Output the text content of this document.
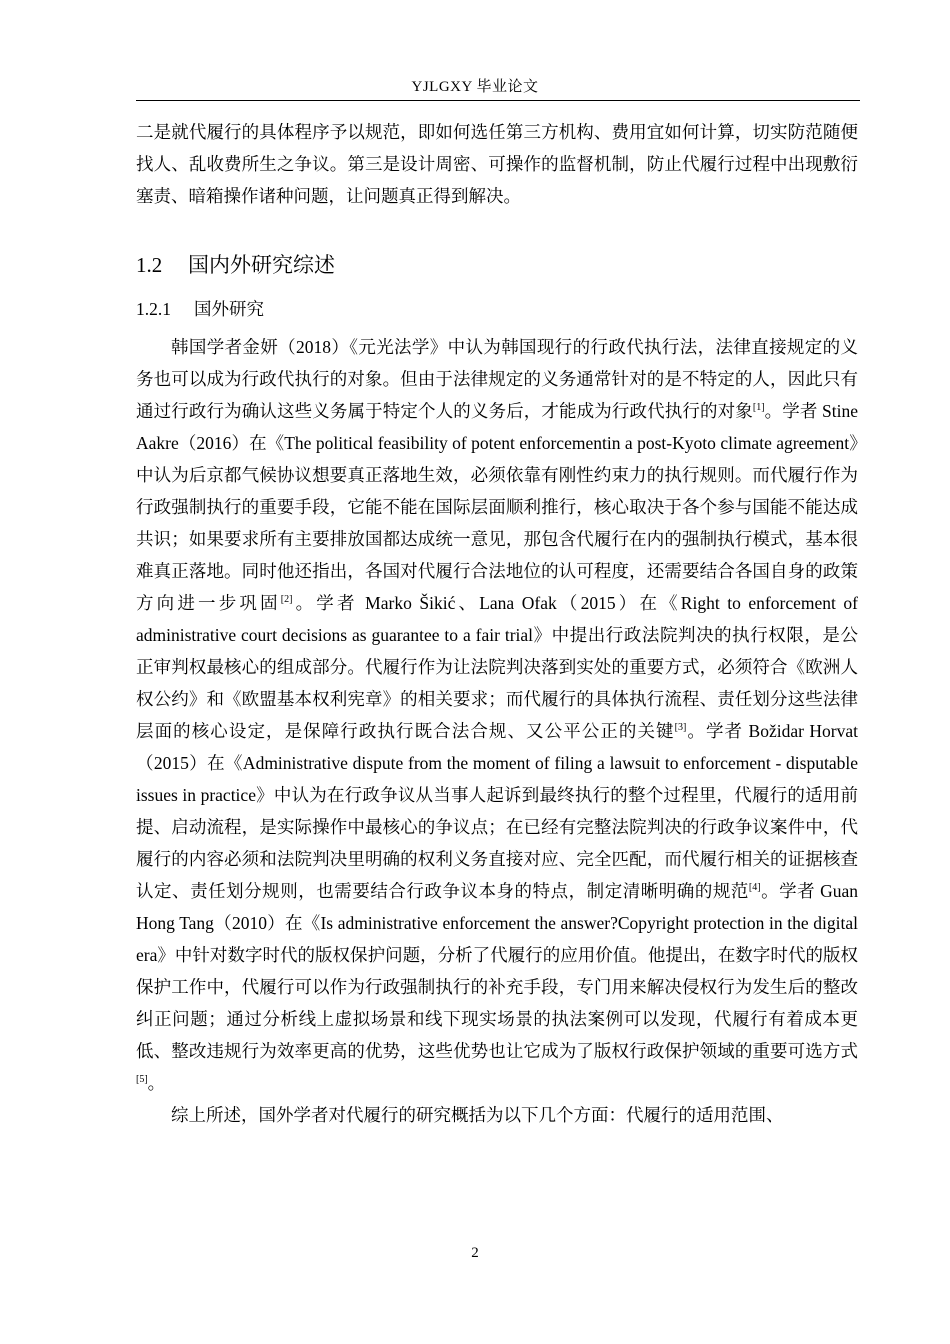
YJLGXY 毕业论文

二是就代履行的具体程序予以规范，即如何选任第三方机构、费用宜如何计算，切实防范随便找人、乱收费所生之争议。第三是设计周密、可操作的监督机制，防止代履行过程中出现敷衍塞责、暗箱操作诸种问题，让问题真正得到解决。

1.2 国内外研究综述
1.2.1 国外研究

韩国学者金妍（2018）《元光法学》中认为韩国现行的行政代执行法，法律直接规定的义务也可以成为行政代执行的对象。但由于法律规定的义务通常针对的是不特定的人，因此只有通过行政行为确认这些义务属于特定个人的义务后，才能成为行政代执行的对象[1]。学者 Stine Aakre（2016）在《The political feasibility of potent enforcementin a post-Kyoto climate agreement》中认为后京都气候协议想要真正落地生效，必须依靠有刚性约束力的执行规则。而代履行作为行政强制执行的重要手段，它能不能在国际层面顺利推行，核心取决于各个参与国能不能达成共识；如果要求所有主要排放国都达成统一意见，那包含代履行在内的强制执行模式，基本很难真正落地。同时他还指出，各国对代履行合法地位的认可程度，还需要结合各国自身的政策方向进一步巩固[2]。学者 Marko Šikić、Lana Ofak（2015）在《Right to enforcement of administrative court decisions as guarantee to a fair trial》中提出行政法院判决的执行权限，是公正审判权最核心的组成部分。代履行作为让法院判决落到实处的重要方式，必须符合《欧洲人权公约》和《欧盟基本权利宪章》的相关要求；而代履行的具体执行流程、责任划分这些法律层面的核心设定，是保障行政执行既合法合规、又公平公正的关键[3]。学者 Božidar Horvat（2015）在《Administrative dispute from the moment of filing a lawsuit to enforcement - disputable issues in practice》中认为在行政争议从当事人起诉到最终执行的整个过程里，代履行的适用前提、启动流程，是实际操作中最核心的争议点；在已经有完整法院判决的行政争议案件中，代履行的内容必须和法院判决里明确的权利义务直接对应、完全匹配，而代履行相关的证据核查认定、责任划分规则，也需要结合行政争议本身的特点，制定清晰明确的规范[4]。学者 Guan Hong Tang（2010）在《Is administrative enforcement the answer?Copyright protection in the digital era》中针对数字时代的版权保护问题，分析了代履行的应用价值。他提出，在数字时代的版权保护工作中，代履行可以作为行政强制执行的补充手段，专门用来解决侵权行为发生后的整改纠正问题；通过分析线上虚拟场景和线下现实场景的执法案例可以发现，代履行有着成本更低、整改违规行为效率更高的优势，这些优势也让它成为了版权行政保护领域的重要可选方式[5]。

综上所述，国外学者对代履行的研究概括为以下几个方面：代履行的适用范围、

2
